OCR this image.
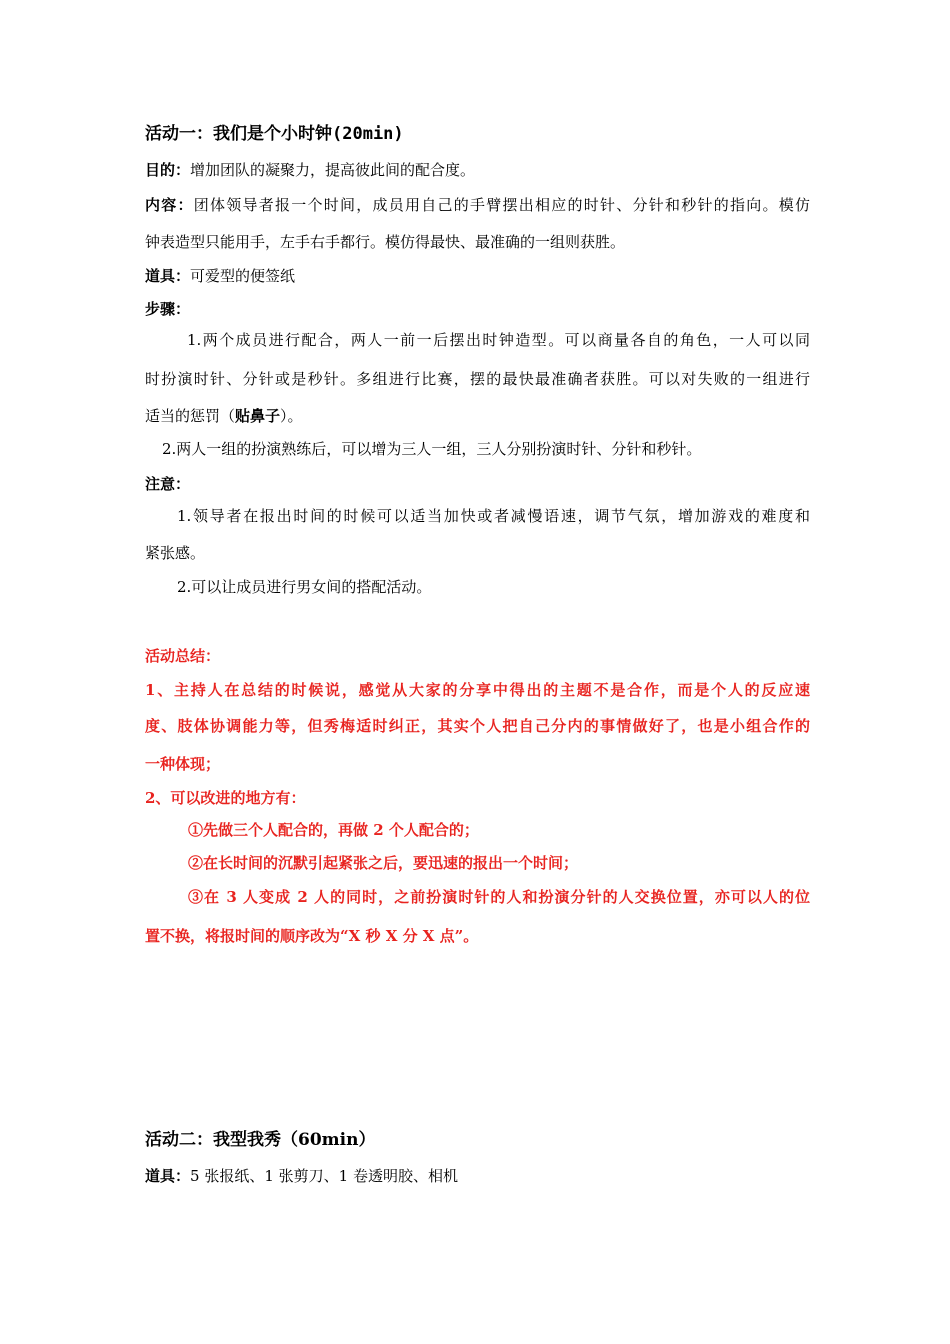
活动一：我们是个小时钟(20min)
目的：增加团队的凝聚力，提高彼此间的配合度。
内容：团体领导者报一个时间，成员用自己的手臂摆出相应的时针、分针和秒针的指向。模仿
钟表造型只能用手，左手右手都行。模仿得最快、最准确的一组则获胜。
道具：可爱型的便签纸
步骤：
1.两个成员进行配合，两人一前一后摆出时钟造型。可以商量各自的角色，一人可以同
时扮演时针、分针或是秒针。多组进行比赛，摆的最快最准确者获胜。可以对失败的一组进行
适当的惩罚（贴鼻子）。
2.两人一组的扮演熟练后，可以增为三人一组，三人分别扮演时针、分针和秒针。
注意：
1.领导者在报出时间的时候可以适当加快或者减慢语速，调节气氛，增加游戏的难度和
紧张感。
2.可以让成员进行男女间的搭配活动。
活动总结：
1、主持人在总结的时候说，感觉从大家的分享中得出的主题不是合作，而是个人的反应速
度、肢体协调能力等，但秀梅适时纠正，其实个人把自己分内的事情做好了，也是小组合作的
一种体现；
2、可以改进的地方有：
①先做三个人配合的，再做 2 个人配合的；
②在长时间的沉默引起紧张之后，要迅速的报出一个时间；
③在 3 人变成 2 人的同时，之前扮演时针的人和扮演分针的人交换位置，亦可以人的位
置不换，将报时间的顺序改为“X 秒 X 分 X 点”。
活动二：我型我秀（60min）
道具：5 张报纸、1 张剪刀、1 卷透明胶、相机
